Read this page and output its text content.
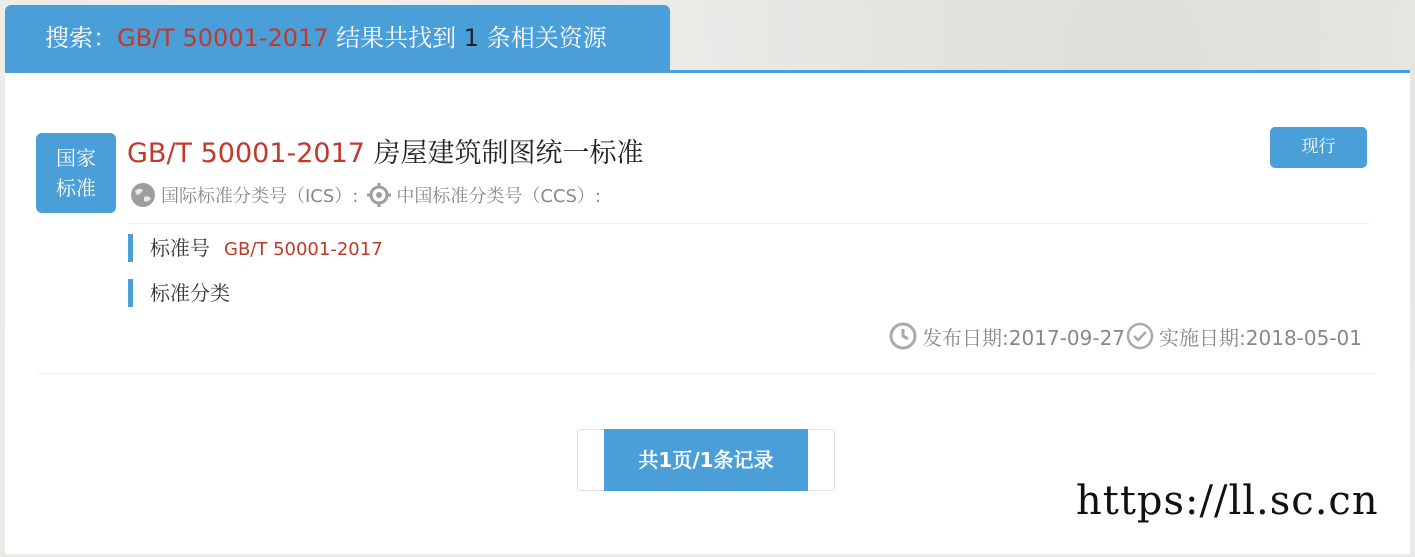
搜索：GB/T 50001-2017 结果共找到 1 条相关资源
国家
标准
GB/T 50001-2017 房屋建筑制图统一标准	现行
国际标准分类号（ICS）: 中国标准分类号（CCS）:
标准号 GB/T 50001-2017
标准分类
发布日期:2017-09-27 实施日期:2018-05-01
共1页/1条记录
https://ll.sc.cn
